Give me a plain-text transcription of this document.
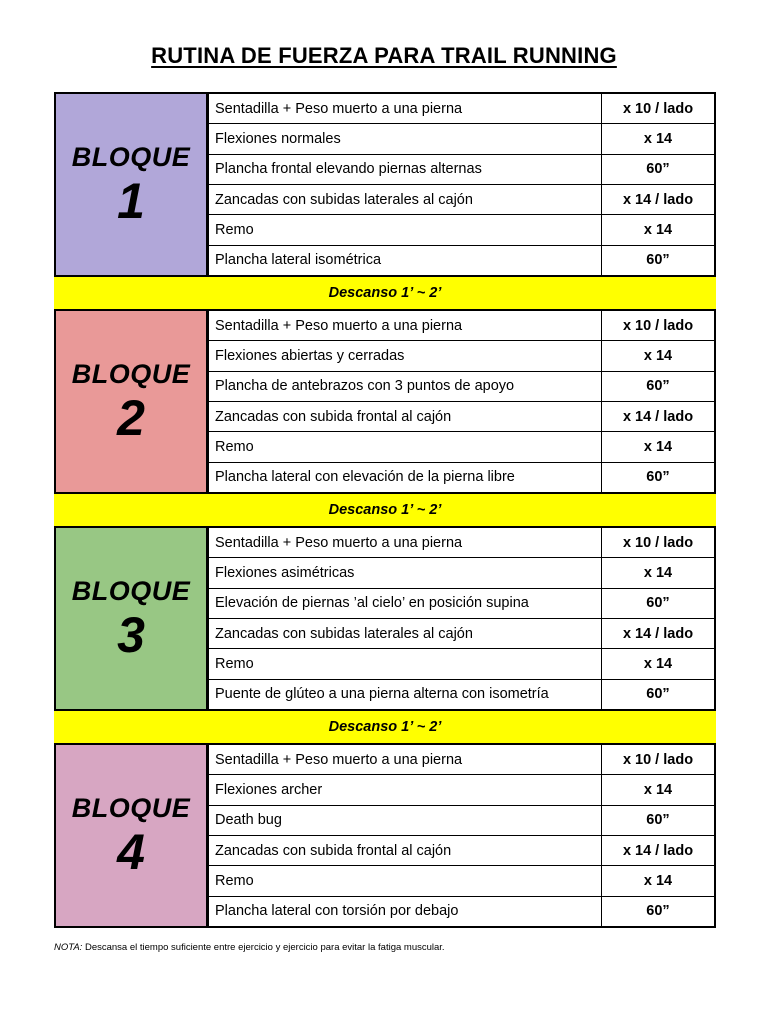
RUTINA DE FUERZA PARA TRAIL RUNNING
BLOQUE
1
Sentadilla + Peso muerto a una pierna	x 10 / lado
Flexiones normales	x 14
Plancha frontal elevando piernas alternas	60”
Zancadas con subidas laterales al cajón	x 14 / lado
Remo	x 14
Plancha lateral isométrica	60”
Descanso 1’ ~ 2’
BLOQUE
2
Sentadilla + Peso muerto a una pierna	x 10 / lado
Flexiones abiertas y cerradas	x 14
Plancha de antebrazos con 3 puntos de apoyo	60”
Zancadas con subida frontal al cajón	x 14 / lado
Remo	x 14
Plancha lateral con elevación de la pierna libre	60”
Descanso 1’ ~ 2’
BLOQUE
3
Sentadilla + Peso muerto a una pierna	x 10 / lado
Flexiones asimétricas	x 14
Elevación de piernas ’al cielo’ en posición supina	60”
Zancadas con subidas laterales al cajón	x 14 / lado
Remo	x 14
Puente de glúteo a una pierna alterna con isometría	60”
Descanso 1’ ~ 2’
BLOQUE
4
Sentadilla + Peso muerto a una pierna	x 10 / lado
Flexiones archer	x 14
Death bug	60”
Zancadas con subida frontal al cajón	x 14 / lado
Remo	x 14
Plancha lateral con torsión por debajo	60”
NOTA: Descansa el tiempo suficiente entre ejercicio y ejercicio para evitar la fatiga muscular.
